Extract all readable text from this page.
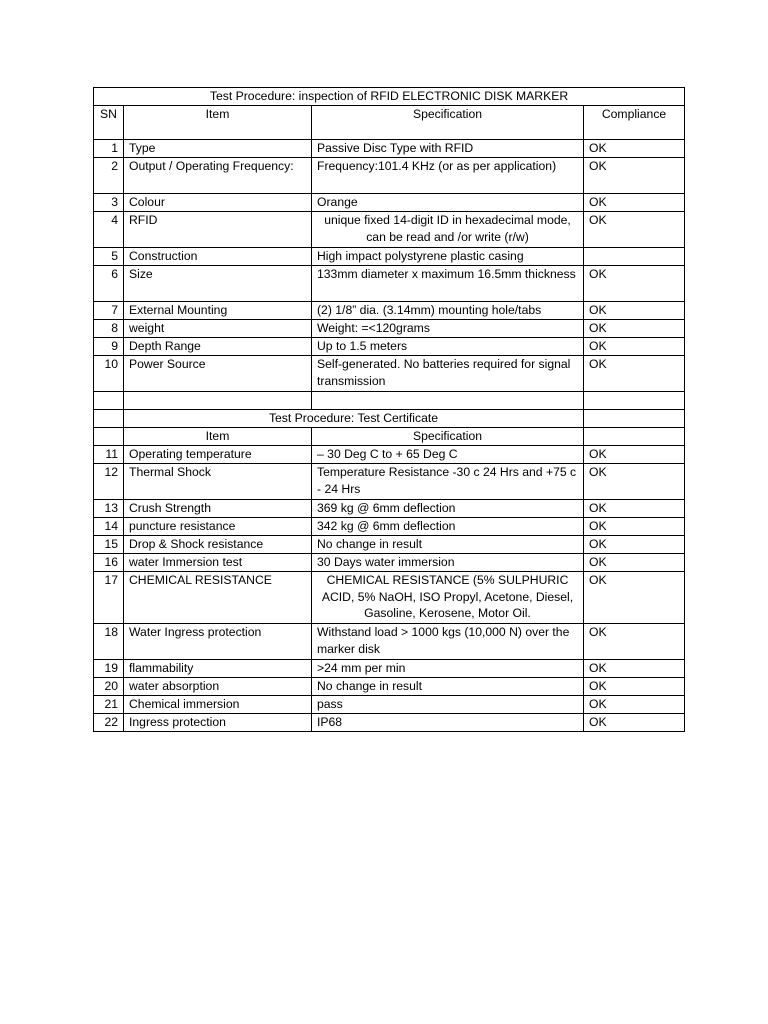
Test Procedure: inspection of RFID ELECTRONIC DISK MARKER			
SN	Item	Specification	Compliance
1	Type	Passive Disc Type with RFID	OK
2	Output / Operating Frequency:	Frequency:101.4 KHz (or as per application)	OK
3	Colour	Orange	OK
4	RFID	unique fixed 14-digit ID in hexadecimal mode, can be read and /or write (r/w)	OK
5	Construction	High impact polystyrene plastic casing	
6	Size	133mm diameter x maximum 16.5mm thickness	OK
7	External Mounting	(2) 1/8” dia. (3.14mm) mounting hole/tabs	OK
8	weight	Weight: =<120grams	OK
9	Depth Range	Up to 1.5 meters	OK
10	Power Source	Self-generated. No batteries required for signal transmission	OK

	Test Procedure: Test Certificate		
	Item	Specification	
11	Operating temperature	– 30 Deg C to + 65 Deg C	OK
12	Thermal Shock	Temperature Resistance -30 c 24 Hrs and +75 c - 24 Hrs	OK
13	Crush Strength	369 kg @ 6mm deflection	OK
14	puncture resistance	342 kg @ 6mm deflection	OK
15	Drop & Shock resistance	No change in result	OK
16	water Immersion test	30 Days water immersion	OK
17	CHEMICAL RESISTANCE	CHEMICAL RESISTANCE (5% SULPHURIC ACID, 5% NaOH, ISO Propyl, Acetone, Diesel, Gasoline, Kerosene, Motor Oil.	OK
18	Water Ingress protection	Withstand load > 1000 kgs (10,000 N) over the marker disk	OK
19	flammability	>24 mm per min	OK
20	water absorption	No change in result	OK
21	Chemical immersion	pass	OK
22	Ingress protection	IP68	OK
